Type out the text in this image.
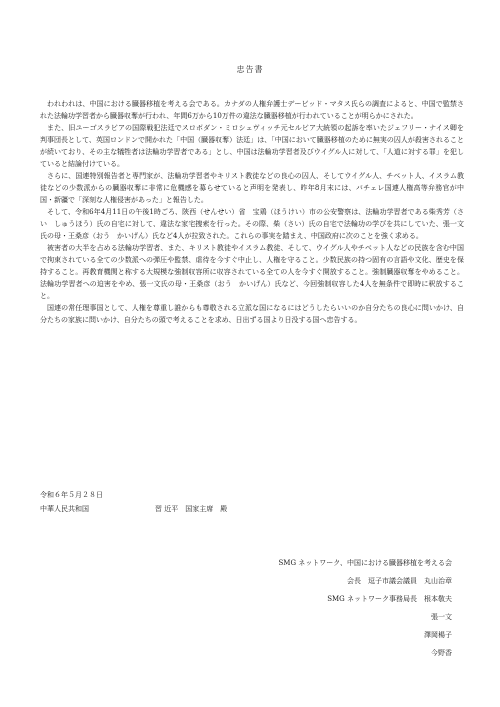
忠告書

われわれは、中国における臓器移植を考える会である。カナダの人権弁護士デービッド・マタス氏らの調査によると、中国で監禁された法輪功学習者から臓器収奪が行われ、年間6万から10万件の違法な臓器移植が行われていることが明らかにされた。

また、旧ユーゴスラビアの国際戦犯法廷でスロボダン・ミロシェヴィッチ元セルビア大統領の起訴を率いたジェフリー・ナイス卿を判事団長として、英国ロンドンで開かれた「中国（臓器収奪）法廷」は、「中国において臓器移植のために無実の囚人が殺害されることが続いており、その主な犠牲者は法輪功学習者である」とし、中国は法輪功学習者及びウイグル人に対して、「人道に対する罪」を犯していると結論付けている。

さらに、国連特別報告者と専門家が、法輪功学習者やキリスト教徒などの良心の囚人、そしてウイグル人、チベット人、イスラム教徒などの少数派からの臓器収奪に非常に危機感を募らせていると声明を発表し、昨年8月末には、バチェレ国連人権高等弁務官が中国・新疆で「深刻な人権侵害があった」と報告した。

そして、令和6年4月11日の午後1時ごろ、陝西（せんせい）省　宝鶏（ほうけい）市の公安警察は、法輪功学習者である柴秀芳（さい　しゅうほう）氏の自宅に対して、違法な家宅捜索を行った。その際、柴（さい）氏の自宅で法輪功の学びを共にしていた、張一文氏の母・王桑彦（おう　かいげん）氏など4人が拉致された。これらの事実を踏まえ、中国政府に次のことを強く求める。

被害者の大半を占める法輪功学習者、また、キリスト教徒やイスラム教徒、そして、ウイグル人やチベット人などの民族を含む中国で拘束されている全ての少数派への弾圧や監禁、虐待を今すぐ中止し、人権を守ること。少数民族の持つ固有の言語や文化、歴史を保持すること。再教育機関と称する大規模な強制収容所に収容されている全ての人を今すぐ開放すること。強制臓器収奪をやめること。法輪功学習者への迫害をやめ、張一文氏の母・王桑彦（おう　かいげん）氏など、今回強制収容した4人を無条件で即時に釈放すること。

国連の常任理事国として、人権を尊重し誰からも尊敬される立派な国になるにはどうしたらいいのか自分たちの良心に問いかけ、自分たちの家族に問いかけ、自分たちの頭で考えることを求め、日出ずる国より日没する国へ忠告する。

令和６年５月２８日
中華人民共和国	習 近平　国家主席　殿
SMG ネットワーク、中国における臓器移植を考える会
会長　逗子市議会議員　丸山治章
SMG ネットワーク事務局長　根本敬夫
張一文
澤岡楊子
今野香
